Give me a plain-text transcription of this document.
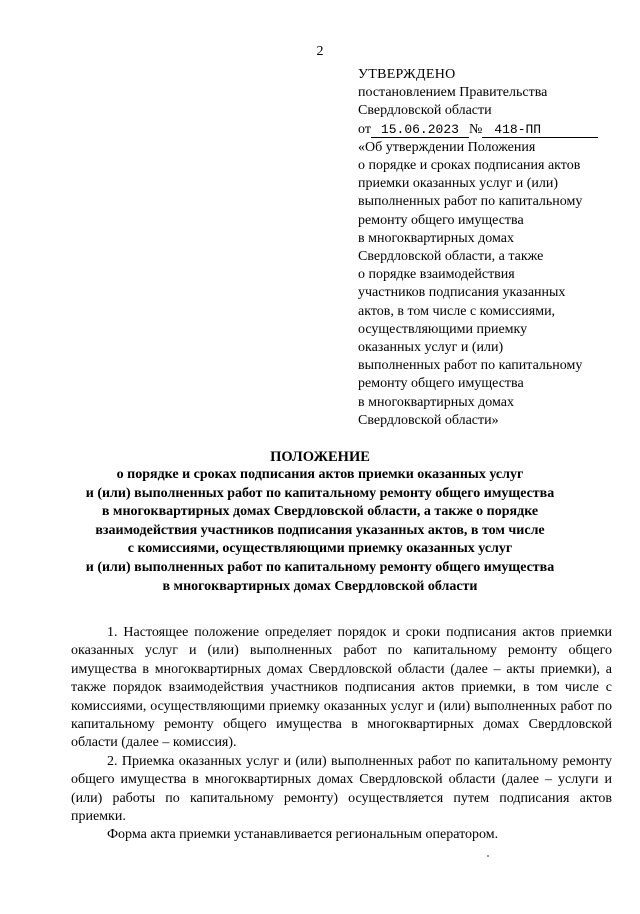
2
УТВЕРЖДЕНО
постановлением Правительства
Свердловской области
от 15.06.2023 № 418-ПП
«Об утверждении Положения
о порядке и сроках подписания актов
приемки оказанных услуг и (или)
выполненных работ по капитальному
ремонту общего имущества
в многоквартирных домах
Свердловской области, а также
о порядке взаимодействия
участников подписания указанных
актов, в том числе с комиссиями,
осуществляющими приемку
оказанных услуг и (или)
выполненных работ по капитальному
ремонту общего имущества
в многоквартирных домах
Свердловской области»
ПОЛОЖЕНИЕ
о порядке и сроках подписания актов приемки оказанных услуг
и (или) выполненных работ по капитальному ремонту общего имущества
в многоквартирных домах Свердловской области, а также о порядке
взаимодействия участников подписания указанных актов, в том числе
с комиссиями, осуществляющими приемку оказанных услуг
и (или) выполненных работ по капитальному ремонту общего имущества
в многоквартирных домах Свердловской области

1. Настоящее положение определяет порядок и сроки подписания актов приемки оказанных услуг и (или) выполненных работ по капитальному ремонту общего имущества в многоквартирных домах Свердловской области (далее – акты приемки), а также порядок взаимодействия участников подписания актов приемки, в том числе с комиссиями, осуществляющими приемку оказанных услуг и (или) выполненных работ по капитальному ремонту общего имущества в многоквартирных домах Свердловской области (далее – комиссия).

2. Приемка оказанных услуг и (или) выполненных работ по капитальному ремонту общего имущества в многоквартирных домах Свердловской области (далее – услуги и (или) работы по капитальному ремонту) осуществляется путем подписания актов приемки.

Форма акта приемки устанавливается региональным оператором.
